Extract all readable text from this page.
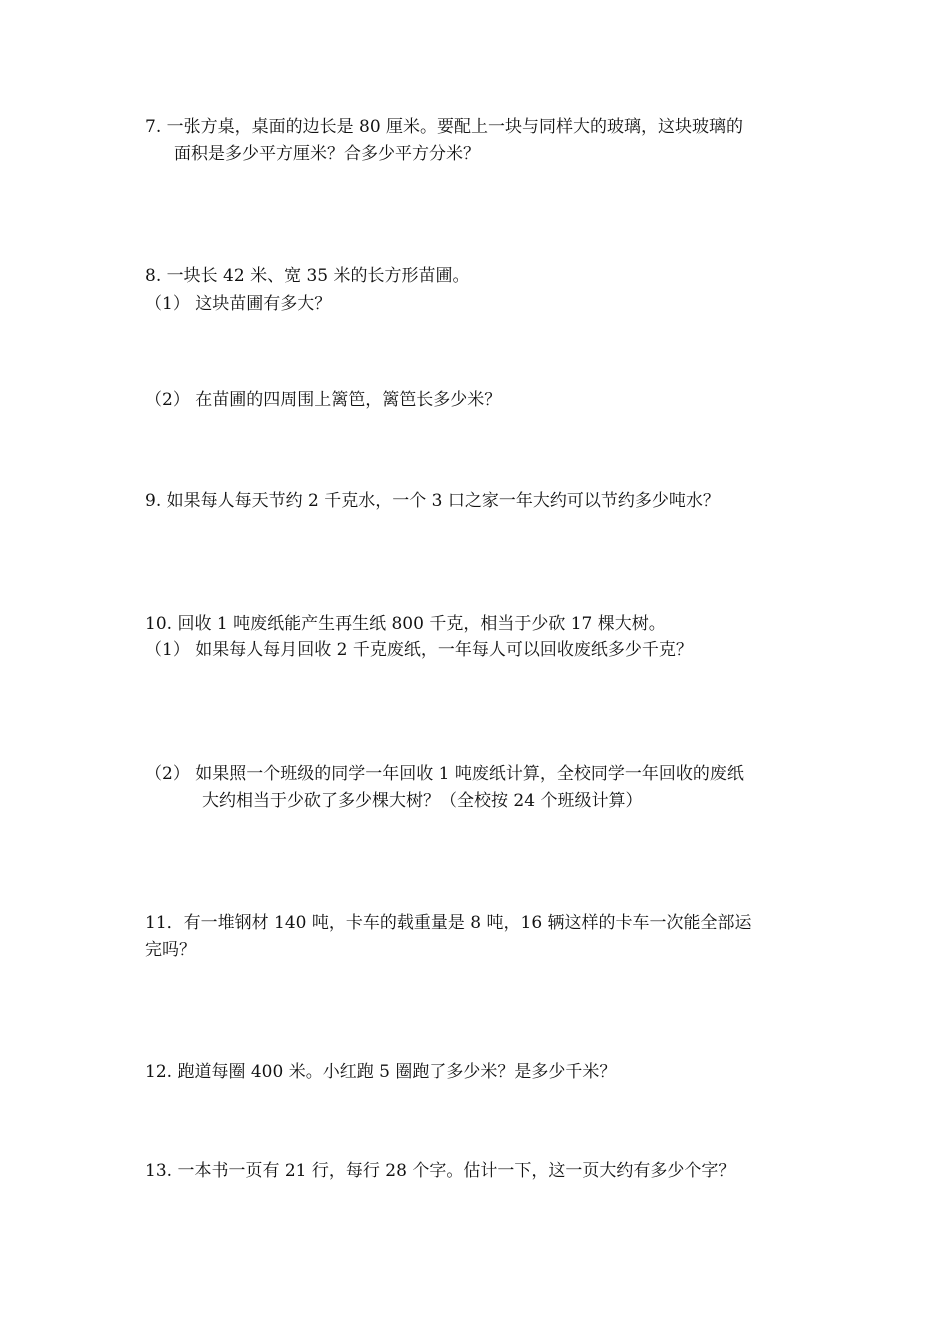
7. 一张方桌，桌面的边长是 80 厘米。要配上一块与同样大的玻璃，这块玻璃的
面积是多少平方厘米？合多少平方分米？
8. 一块长 42 米、宽 35 米的长方形苗圃。
（1） 这块苗圃有多大？
（2） 在苗圃的四周围上篱笆，篱笆长多少米？
9. 如果每人每天节约 2 千克水，一个 3 口之家一年大约可以节约多少吨水？
10. 回收 1 吨废纸能产生再生纸 800 千克，相当于少砍 17 棵大树。
（1） 如果每人每月回收 2 千克废纸，一年每人可以回收废纸多少千克？
（2） 如果照一个班级的同学一年回收 1 吨废纸计算，全校同学一年回收的废纸
大约相当于少砍了多少棵大树？（全校按 24 个班级计算）
11．有一堆钢材 140 吨，卡车的载重量是 8 吨，16 辆这样的卡车一次能全部运
完吗？
12. 跑道每圈 400 米。小红跑 5 圈跑了多少米？是多少千米？
13. 一本书一页有 21 行，每行 28 个字。估计一下，这一页大约有多少个字？
